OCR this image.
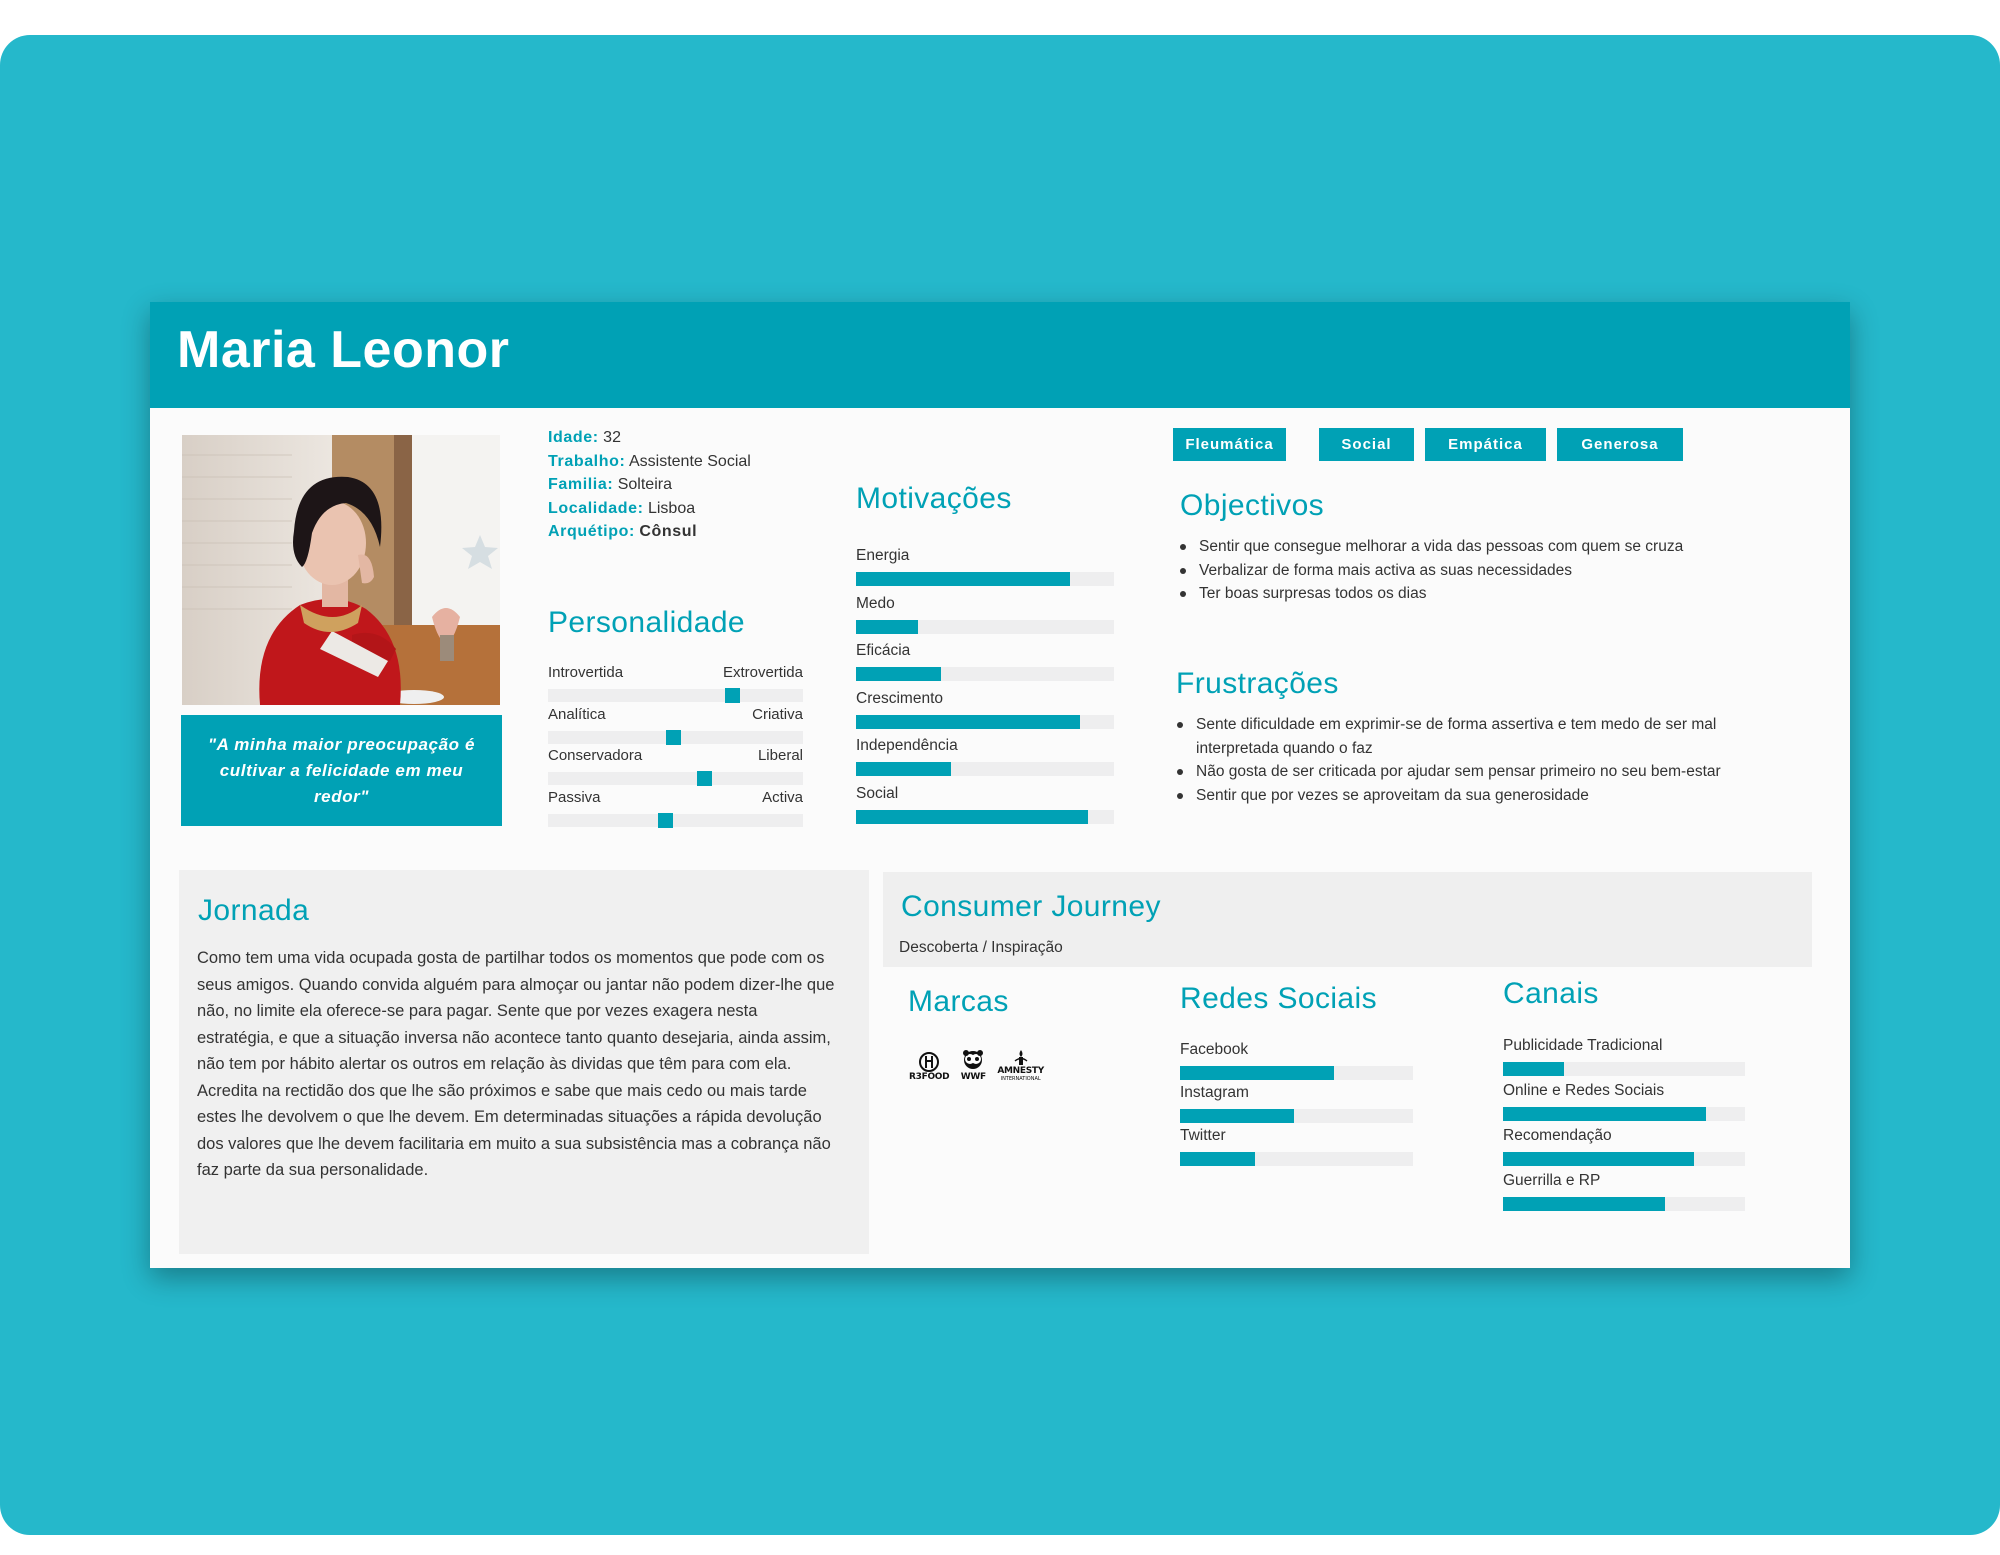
Maria Leonor
"A minha maior preocupação é cultivar a felicidade em meu redor"
Idade: 32
Trabalho: Assistente Social
Familia: Solteira
Localidade: Lisboa
Arquétipo: Cônsul
Personalidade
Introvertida	Extrovertida
Analítica	Criativa
Conservadora	Liberal
Passiva	Activa
Motivações
Energia
Medo
Eficácia
Crescimento
Independência
Social
Fleumática	Social	Empática	Generosa
Objectivos
Sentir que consegue melhorar a vida das pessoas com quem se cruza
Verbalizar de forma mais activa as suas necessidades
Ter boas surpresas todos os dias
Frustrações
Sente dificuldade em exprimir-se de forma assertiva e tem medo de ser mal interpretada quando o faz
Não gosta de ser criticada por ajudar sem pensar primeiro no seu bem-estar
Sentir que por vezes se aproveitam da sua generosidade
Jornada
Como tem uma vida ocupada gosta de partilhar todos os momentos que pode com os seus amigos. Quando convida alguém para almoçar ou jantar não podem dizer-lhe que não, no limite ela oferece-se para pagar. Sente que por vezes exagera nesta estratégia, e que a situação inversa não acontece tanto quanto desejaria, ainda assim, não tem por hábito alertar os outros em relação às dividas que têm para com ela. Acredita na rectidão dos que lhe são próximos e sabe que mais cedo ou mais tarde estes lhe devolvem o que lhe devem. Em determinadas situações a rápida devolução dos valores que lhe devem facilitaria em muito a sua subsistência mas a cobrança não faz parte da sua personalidade.
Consumer Journey
Descoberta / Inspiração
Marcas
R3FOOD WWF
AMNESTY
INTERNATIONAL
Redes Sociais
Facebook
Instagram
Twitter
Canais
Publicidade Tradicional
Online e Redes Sociais
Recomendação
Guerrilla e RP
